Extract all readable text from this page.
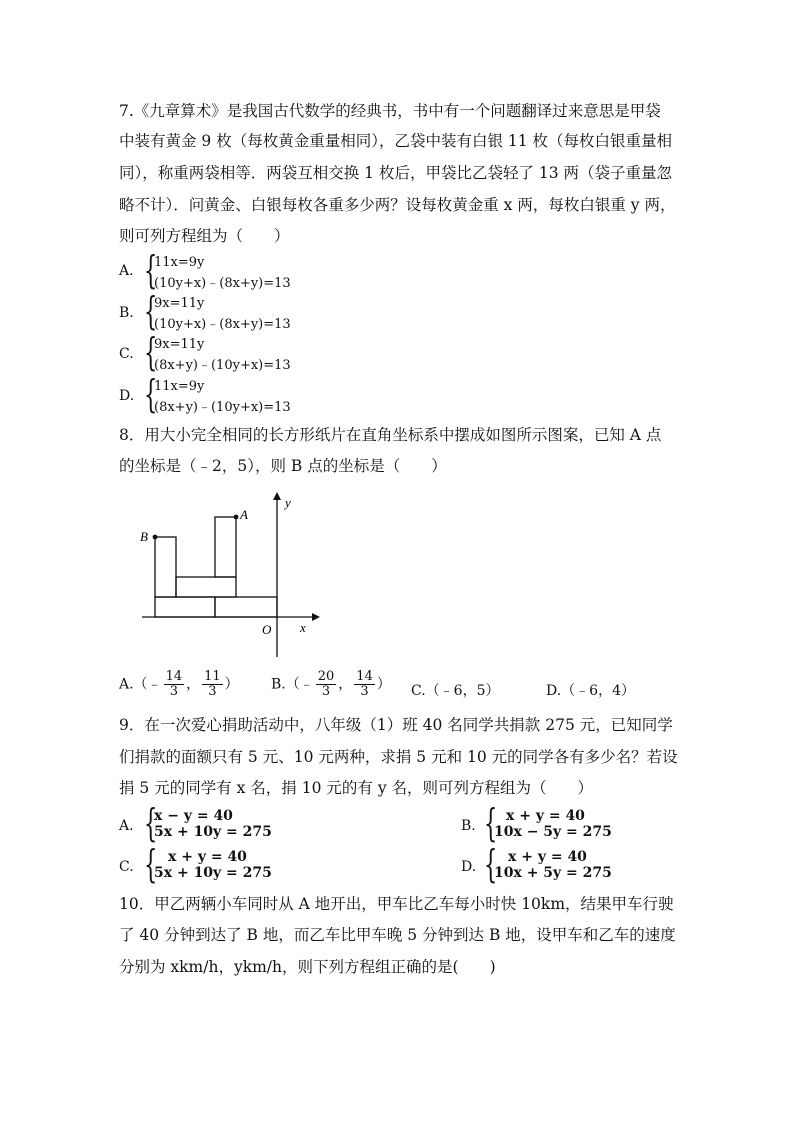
7.《九章算术》是我国古代数学的经典书，书中有一个问题翻译过来意思是甲袋
中装有黄金 9 枚（每枚黄金重量相同），乙袋中装有白银 11 枚（每枚白银重量相
同），称重两袋相等．两袋互相交换 1 枚后，甲袋比乙袋轻了 13 两（袋子重量忽
略不计）．问黄金、白银每枚各重多少两？设每枚黄金重 x 两，每枚白银重 y 两，
则可列方程组为（　　）
A. {
11x=9y
(10y+x)﹣(8x+y)=13
B. {
9x=11y
(10y+x)﹣(8x+y)=13
C. {
9x=11y
(8x+y)﹣(10y+x)=13
D. {
11x=9y
(8x+y)﹣(10y+x)=13
8．用大小完全相同的长方形纸片在直角坐标系中摆成如图所示图案，已知 A 点
的坐标是（﹣2，5），则 B 点的坐标是（　　）
y
x
O
A
B
A.（﹣ $\frac{14}{3}$ ， $\frac{11}{3}$ ） B.（﹣ $\frac{20}{3}$ ， $\frac{14}{3}$ ） C.（﹣6，5）	D.（﹣6，4）
9．在一次爱心捐助活动中，八年级（1）班 40 名同学共捐款 275 元，已知同学
们捐款的面额只有 5 元、10 元两种，求捐 5 元和 10 元的同学各有多少名？若设
捐 5 元的同学有 x 名，捐 10 元的有 y 名，则可列方程组为（　　）
A. {
x − y = 40
5x + 10y = 275	B. { x + y = 40
10x − 5y = 275
C. { x + y = 40
5x + 10y = 275	D. { x + y = 40
10x + 5y = 275
10．甲乙两辆小车同时从 A 地开出，甲车比乙车每小时快 10km，结果甲车行驶
了 40 分钟到达了 B 地，而乙车比甲车晚 5 分钟到达 B 地，设甲车和乙车的速度
分别为 xkm/h，ykm/h，则下列方程组正确的是(　　)
